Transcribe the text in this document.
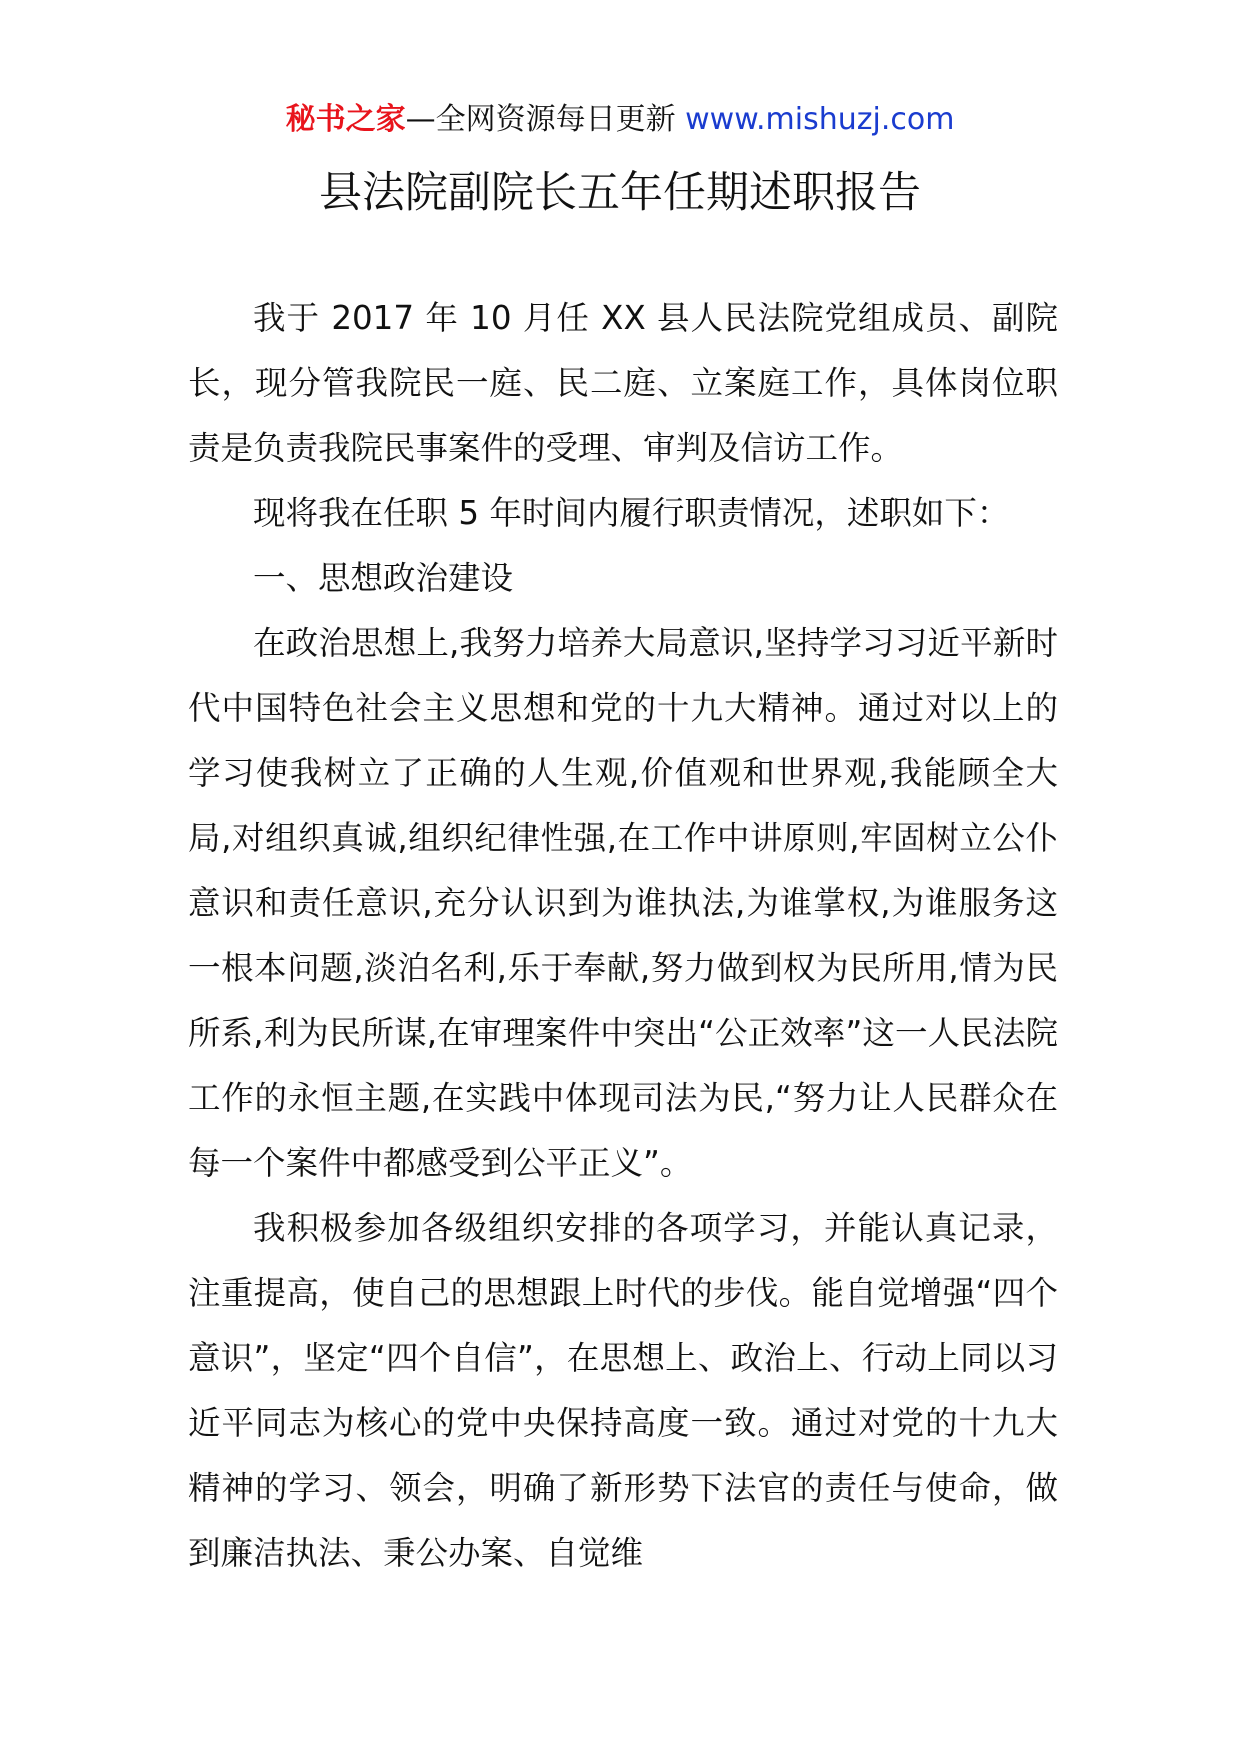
秘书之家—全网资源每日更新 www.mishuzj.com
县法院副院长五年任期述职报告

我于 2017 年 10 月任 XX 县人民法院党组成员、副院长，现分管我院民一庭、民二庭、立案庭工作，具体岗位职责是负责我院民事案件的受理、审判及信访工作。

现将我在任职 5 年时间内履行职责情况，述职如下：

一、思想政治建设

在政治思想上,我努力培养大局意识,坚持学习习近平新时代中国特色社会主义思想和党的十九大精神。通过对以上的学习使我树立了正确的人生观,价值观和世界观,我能顾全大局,对组织真诚,组织纪律性强,在工作中讲原则,牢固树立公仆意识和责任意识,充分认识到为谁执法,为谁掌权,为谁服务这一根本问题,淡泊名利,乐于奉献,努力做到权为民所用,情为民所系,利为民所谋,在审理案件中突出“公正效率”这一人民法院工作的永恒主题,在实践中体现司法为民,“努力让人民群众在每一个案件中都感受到公平正义”。

我积极参加各级组织安排的各项学习，并能认真记录，注重提高，使自己的思想跟上时代的步伐。能自觉增强“四个意识”，坚定“四个自信”，在思想上、政治上、行动上同以习近平同志为核心的党中央保持高度一致。通过对党的十九大精神的学习、领会，明确了新形势下法官的责任与使命，做到廉洁执法、秉公办案、自觉维
